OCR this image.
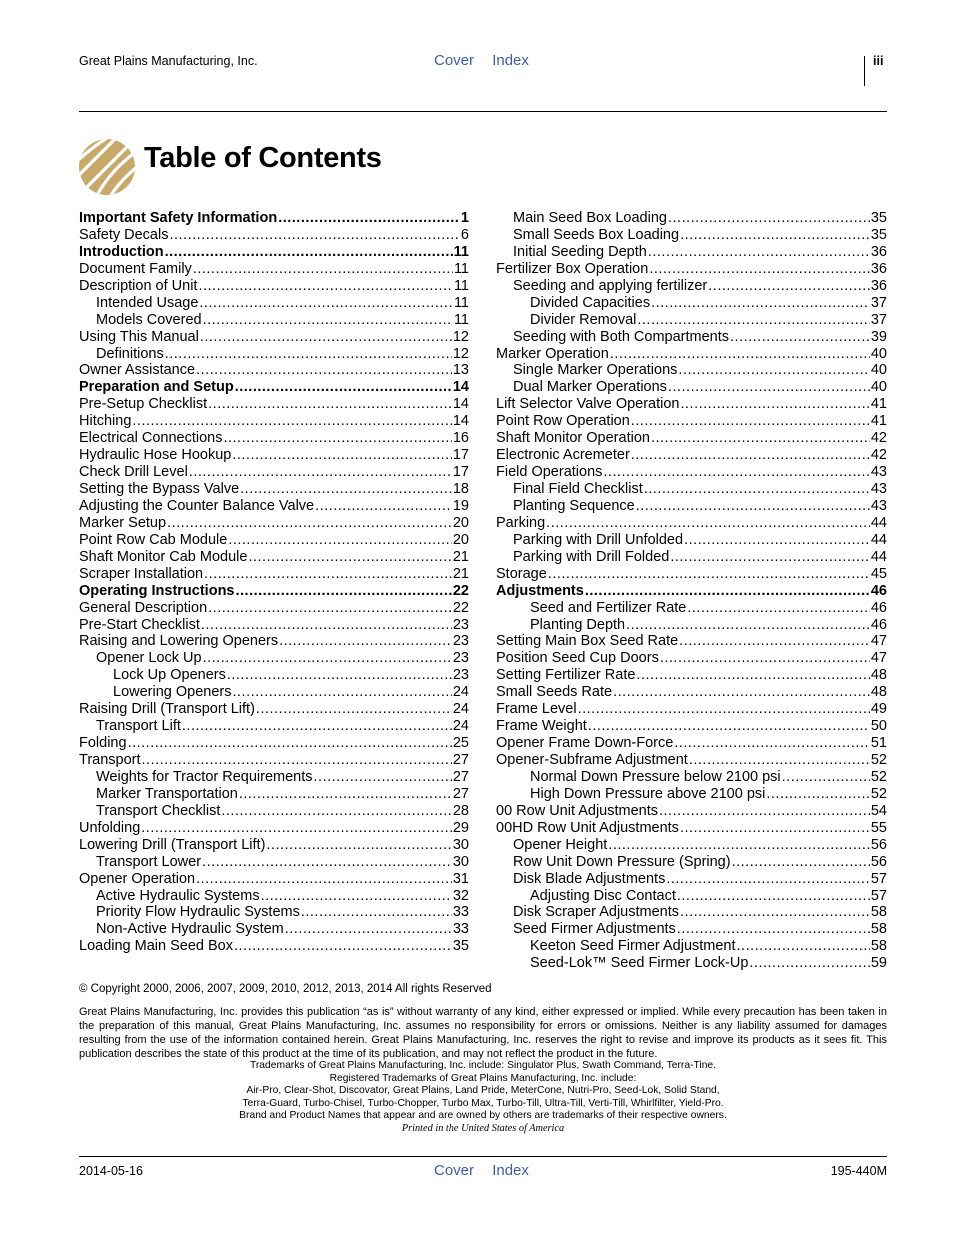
Great Plains Manufacturing, Inc.	Cover Index	iii
Table of Contents
Important Safety Information .....	1
Safety Decals .....	6
Introduction .....	11
Document Family .....	11
Description of Unit .....	11
Intended Usage .....	11
Models Covered .....	11
Using This Manual .....	12
Definitions .....	12
Owner Assistance .....	13
Preparation and Setup .....	14
Pre-Setup Checklist .....	14
Hitching .....	14
Electrical Connections .....	16
Hydraulic Hose Hookup .....	17
Check Drill Level .....	17
Setting the Bypass Valve .....	18
Adjusting the Counter Balance Valve .....	19
Marker Setup .....	20
Point Row Cab Module .....	20
Shaft Monitor Cab Module .....	21
Scraper Installation .....	21
Operating Instructions .....	22
General Description .....	22
Pre-Start Checklist .....	23
Raising and Lowering Openers .....	23
Opener Lock Up .....	23
Lock Up Openers .....	23
Lowering Openers .....	24
Raising Drill (Transport Lift) .....	24
Transport Lift .....	24
Folding .....	25
Transport .....	27
Weights for Tractor Requirements .....	27
Marker Transportation .....	27
Transport Checklist .....	28
Unfolding .....	29
Lowering Drill (Transport Lift) .....	30
Transport Lower .....	30
Opener Operation .....	31
Active Hydraulic Systems .....	32
Priority Flow Hydraulic Systems .....	33
Non-Active Hydraulic System .....	33
Loading Main Seed Box .....	35
Main Seed Box Loading .....	35
Small Seeds Box Loading .....	35
Initial Seeding Depth .....	36
Fertilizer Box Operation .....	36
Seeding and applying fertilizer .....	36
Divided Capacities .....	37
Divider Removal .....	37
Seeding with Both Compartments .....	39
Marker Operation .....	40
Single Marker Operations .....	40
Dual Marker Operations .....	40
Lift Selector Valve Operation .....	41
Point Row Operation .....	41
Shaft Monitor Operation .....	42
Electronic Acremeter .....	42
Field Operations .....	43
Final Field Checklist .....	43
Planting Sequence .....	43
Parking .....	44
Parking with Drill Unfolded .....	44
Parking with Drill Folded .....	44
Storage .....	45
Adjustments .....	46
Seed and Fertilizer Rate .....	46
Planting Depth .....	46
Setting Main Box Seed Rate .....	47
Position Seed Cup Doors .....	47
Setting Fertilizer Rate .....	48
Small Seeds Rate .....	48
Frame Level .....	49
Frame Weight .....	50
Opener Frame Down-Force .....	51
Opener-Subframe Adjustment .....	52
Normal Down Pressure below 2100 psi .....	52
High Down Pressure above 2100 psi .....	52
00 Row Unit Adjustments .....	54
00HD Row Unit Adjustments .....	55
Opener Height .....	56
Row Unit Down Pressure (Spring) .....	56
Disk Blade Adjustments .....	57
Adjusting Disc Contact .....	57
Disk Scraper Adjustments .....	58
Seed Firmer Adjustments .....	58
Keeton Seed Firmer Adjustment .....	58
Seed-Lok™ Seed Firmer Lock-Up .....	59
© Copyright 2000, 2006, 2007, 2009, 2010, 2012, 2013, 2014 All rights Reserved
Great Plains Manufacturing, Inc. provides this publication “as is” without warranty of any kind, either expressed or implied. While every precaution has been taken in the preparation of this manual, Great Plains Manufacturing, Inc. assumes no responsibility for errors or omissions. Neither is any liability assumed for damages resulting from the use of the information contained herein. Great Plains Manufacturing, Inc. reserves the right to revise and improve its products as it sees fit. This publication describes the state of this product at the time of its publication, and may not reflect the product in the future.
Trademarks of Great Plains Manufacturing, Inc. include: Singulator Plus, Swath Command, Terra-Tine.
Registered Trademarks of Great Plains Manufacturing, Inc. include:
Air-Pro, Clear-Shot, Discovator, Great Plains, Land Pride, MeterCone, Nutri-Pro, Seed-Lok, Solid Stand,
Terra-Guard, Turbo-Chisel, Turbo-Chopper, Turbo Max, Turbo-Till, Ultra-Till, Verti-Till, Whirlfilter, Yield-Pro.
Brand and Product Names that appear and are owned by others are trademarks of their respective owners.
Printed in the United States of America
2014-05-16	Cover Index	195-440M
